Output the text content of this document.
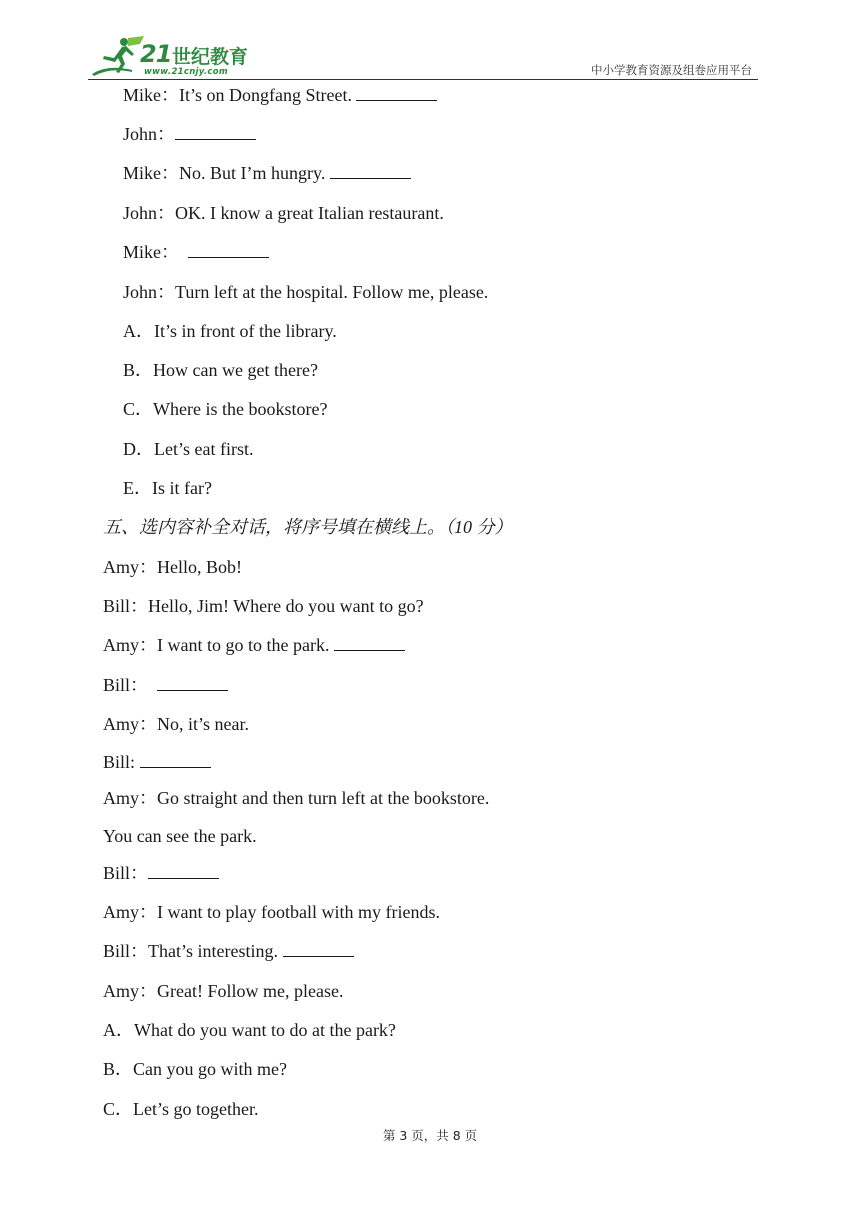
21 世纪教育
www.21cnjy.com	中小学教育资源及组卷应用平台
Mike：It’s on Dongfang Street.
John：
Mike：No. But I’m hungry.
John：OK. I know a great Italian restaurant.
Mike：
John：Turn left at the hospital. Follow me, please.
A．It’s in front of the library.
B．How can we get there?
C．Where is the bookstore?
D．Let’s eat first.
E．Is it far?
五、选内容补全对话，将序号填在横线上。（10 分）
Amy：Hello, Bob!
Bill：Hello, Jim! Where do you want to go?
Amy：I want to go to the park.
Bill：
Amy：No, it’s near.
Bill:
Amy：Go straight and then turn left at the bookstore.
You can see the park.
Bill：
Amy：I want to play football with my friends.
Bill：That’s interesting.
Amy：Great! Follow me, please.
A．What do you want to do at the park?
B．Can you go with me?
C．Let’s go together.
第 3 页，共 8 页
